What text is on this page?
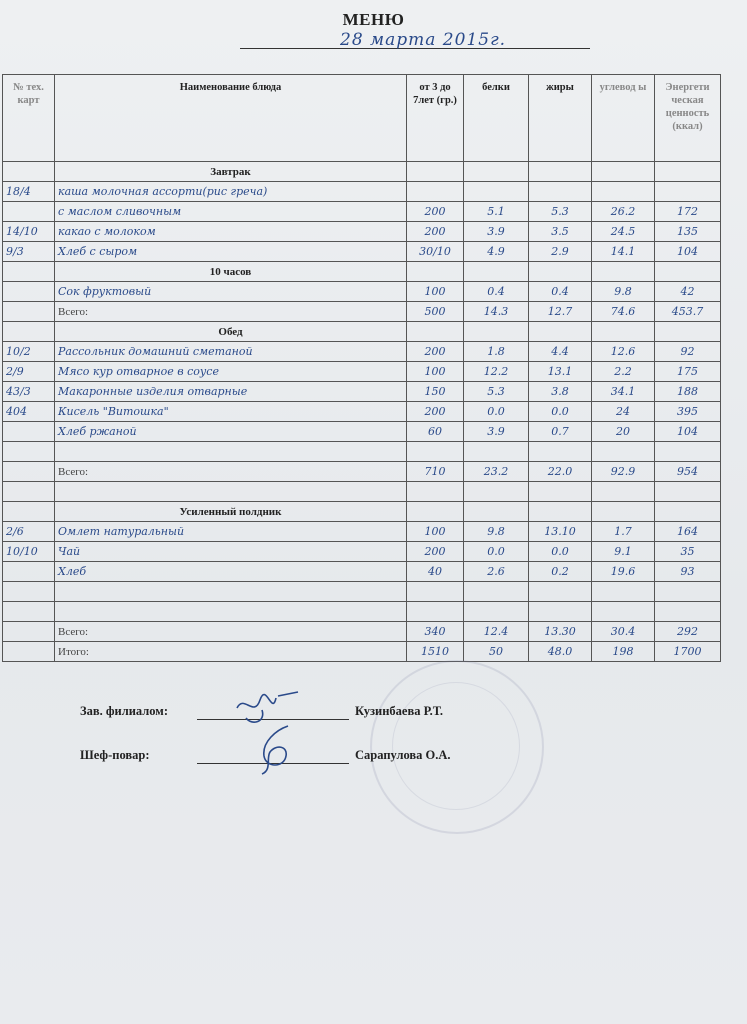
МЕНЮ
28 марта 2015г.
№ тех. карт	Наименование блюда	от 3 до 7лет (гр.)	белки	жиры	углевод ы	Энергети ческая ценность (ккал)
	Завтрак					
18/4	каша молочная ассорти(рис греча)					
	с маслом сливочным	200	5.1	5.3	26.2	172
14/10	какао с молоком	200	3.9	3.5	24.5	135
9/3	Хлеб с сыром	30/10	4.9	2.9	14.1	104
	10 часов					
	Сок фруктовый	100	0.4	0.4	9.8	42
	Всего:	500	14.3	12.7	74.6	453.7
	Обед					
10/2	Рассольник домашний сметаной	200	1.8	4.4	12.6	92
2/9	Мясо кур отварное в соусе	100	12.2	13.1	2.2	175
43/3	Макаронные изделия отварные	150	5.3	3.8	34.1	188
404	Кисель "Витошка"	200	0.0	0.0	24	395
	Хлеб ржаной	60	3.9	0.7	20	104

	Всего:	710	23.2	22.0	92.9	954

	Усиленный полдник					
2/6	Омлет натуральный	100	9.8	13.10	1.7	164
10/10	Чай	200	0.0	0.0	9.1	35
	Хлеб	40	2.6	0.2	19.6	93

	Всего:	340	12.4	13.30	30.4	292
	Итого:	1510	50	48.0	198	1700
Зав. филиалом:	Кузинбаева Р.Т.
Шеф-повар:	Сарапулова О.А.
